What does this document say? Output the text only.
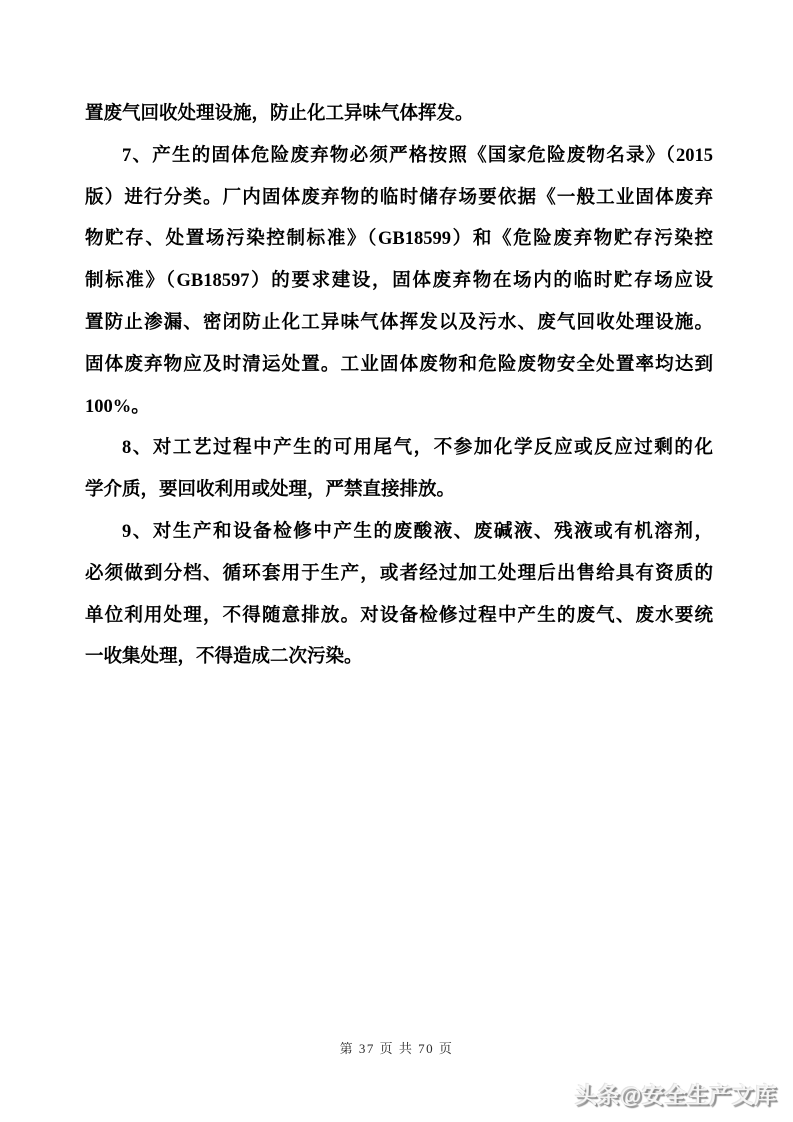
置废气回收处理设施，防止化工异味气体挥发。
7、产生的固体危险废弃物必须严格按照《国家危险废物名录》（2015
版）进行分类。厂内固体废弃物的临时储存场要依据《一般工业固体废弃
物贮存、处置场污染控制标准》（GB18599）和《危险废弃物贮存污染控
制标准》（GB18597）的要求建设，固体废弃物在场内的临时贮存场应设
置防止渗漏、密闭防止化工异味气体挥发以及污水、废气回收处理设施。
固体废弃物应及时清运处置。工业固体废物和危险废物安全处置率均达到
100%。
8、对工艺过程中产生的可用尾气，不参加化学反应或反应过剩的化
学介质，要回收利用或处理，严禁直接排放。
9、对生产和设备检修中产生的废酸液、废碱液、残液或有机溶剂，
必须做到分档、循环套用于生产，或者经过加工处理后出售给具有资质的
单位利用处理，不得随意排放。对设备检修过程中产生的废气、废水要统
一收集处理，不得造成二次污染。
第 37 页 共 70 页
头条@安全生产文库
